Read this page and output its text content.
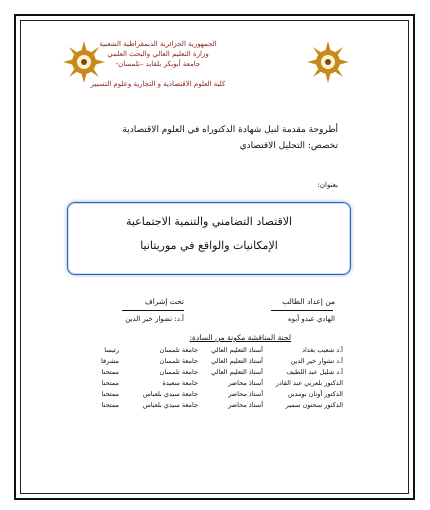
الجمهورية الجزائرية الديمقراطية الشعبية
وزارة التعليم العالي والبحث العلمي
جامعة أبوبكر بلقايد –تلمسان-
كلية العلوم الاقتصادية و التجارية وعلوم التسيير
أطروحة مقدمة لنيل شهادة الدكتوراه في العلوم الاقتصادية
تخصص: التحليل الاقتصادي
بعنوان:
الاقتصاد التضامني والتنمية الاجتماعية
الإمكانيات والواقع في موريتانيا
من إعداد الطالب
تحت إشراف
الهادي عبدو أبوه
أ.د: تشوار خير الدين
لجنة المناقشة مكونة من السادة:
أ.د شعيب بغداد
أستاذ التعليم العالي
جامعة تلمسان
رئيسا
أ.د تشوار خير الدين
أستاذ التعليم العالي
جامعة تلمسان
مشرفا
أ.د شليل عبد اللطيف
أستاذ التعليم العالي
جامعة تلمسان
ممتحنا
الدكتور بلعربي عبد القادر
أستاذ محاضر
جامعة سعيدة
ممتحنا
الدكتور أونان بومدين
أستاذ محاضر
جامعة سيدي بلعباس
ممتحنا
الدكتور سحنون سمير
أستاذ محاضر
جامعة سيدي بلعباس
ممتحنا
